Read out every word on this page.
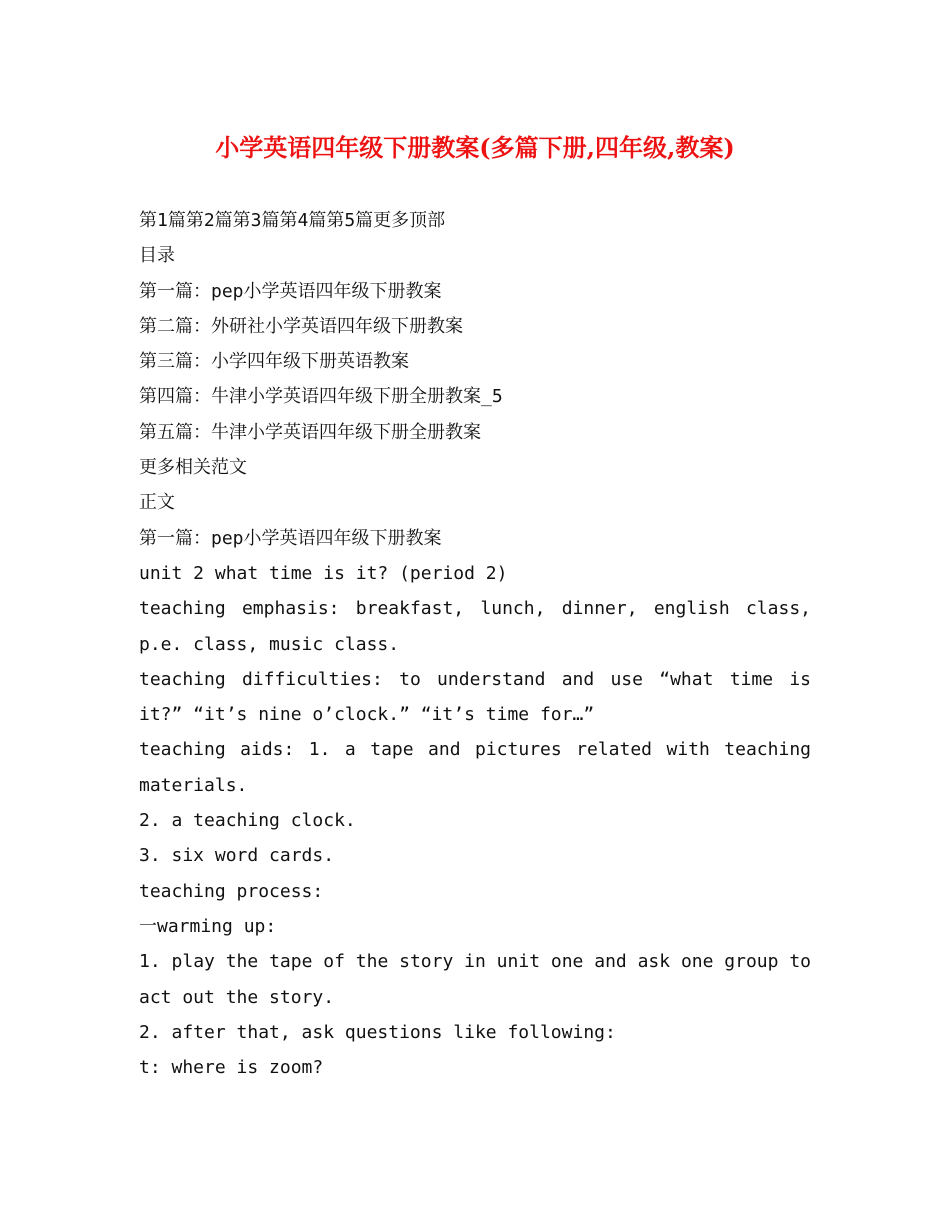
小学英语四年级下册教案(多篇下册,四年级,教案)
第1篇第2篇第3篇第4篇第5篇更多顶部
目录
第一篇：pep小学英语四年级下册教案
第二篇：外研社小学英语四年级下册教案
第三篇：小学四年级下册英语教案
第四篇：牛津小学英语四年级下册全册教案_5
第五篇：牛津小学英语四年级下册全册教案
更多相关范文
正文
第一篇：pep小学英语四年级下册教案
unit 2 what time is it? (period 2)
teaching emphasis: breakfast, lunch, dinner, english class,
p.e. class, music class.
teaching difficulties: to understand and use “what time is
it?” “it’s nine o’clock.” “it’s time for…”
teaching aids: 1. a tape and pictures related with teaching
materials.
2. a teaching clock.
3. six word cards.
teaching process:
一warming up:
1. play the tape of the story in unit one and ask one group to
act out the story.
2. after that, ask questions like following:
t: where is zoom?
